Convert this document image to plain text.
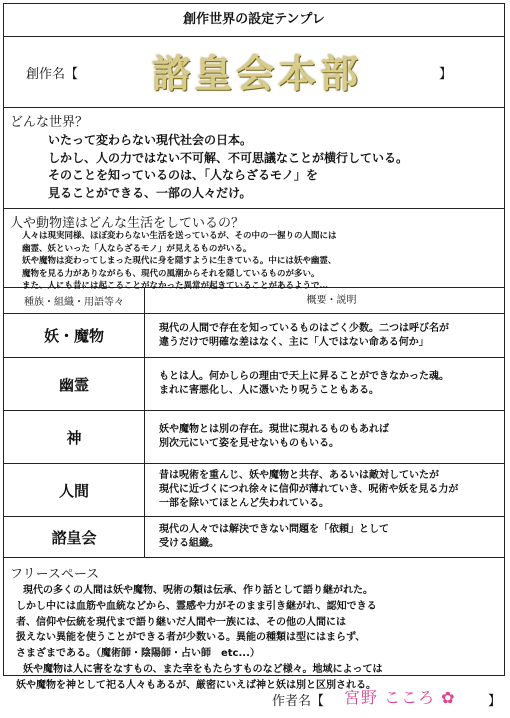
創作世界の設定テンプレ
創作名【 諮皇会本部	】
どんな世界？
いたって変わらない現代社会の日本。
しかし、人の力ではない不可解、不可思議なことが横行している。
そのことを知っているのは、「人ならざるモノ」を
見ることができる、一部の人々だけ。
人や動物達はどんな生活をしているの？
人々は現実同様、ほぼ変わらない生活を送っているが、その中の一握りの人間には
幽霊、妖といった「人ならざるモノ」が見えるものがいる。
妖や魔物は変わってしまった現代に身を隠すように生きている。中には妖や幽霊、
魔物を見る力がありながらも、現代の風潮からそれを隠しているものが多い。
また、人にも昔には起こることがなかった異常が起きていることがあるようで…
種族・組織・用語等々	概要・説明
妖・魔物	現代の人間で存在を知っているものはごく少数。二つは呼び名が
違うだけで明確な差はなく、主に「人ではない命ある何か」
幽霊	もとは人。何かしらの理由で天上に昇ることができなかった魂。
まれに害悪化し、人に憑いたり呪うこともある。
神	妖や魔物とは別の存在。現世に現れるものもあれば
別次元にいて姿を見せないものもいる。
人間	昔は呪術を重んじ、妖や魔物と共存、あるいは敵対していたが
現代に近づくにつれ徐々に信仰が薄れていき、呪術や妖を見る力が
一部を除いてほとんど失われている。
諮皇会	現代の人々では解決できない問題を「依頼」として
受ける組織。
フリースペース
現代の多くの人間は妖や魔物、呪術の類は伝承、作り話として語り継がれた。
しかし中には血筋や血統などから、霊感や力がそのまま引き継がれ、認知できる
者、信仰や伝統を現代まで語り継いだ人間や一族には、その他の人間には
扱えない異能を使うことができる者が少数いる。異能の種類は型にはまらず、
さまざまである。（魔術師・陰陽師・占い師　etc...）
妖や魔物は人に害をなすもの、また幸をもたらすものなど様々。地域によっては
妖や魔物を神として祀る人々もあるが、厳密にいえば神と妖は別と区別される。
作者名【 宮野 こころ ✿ 】
